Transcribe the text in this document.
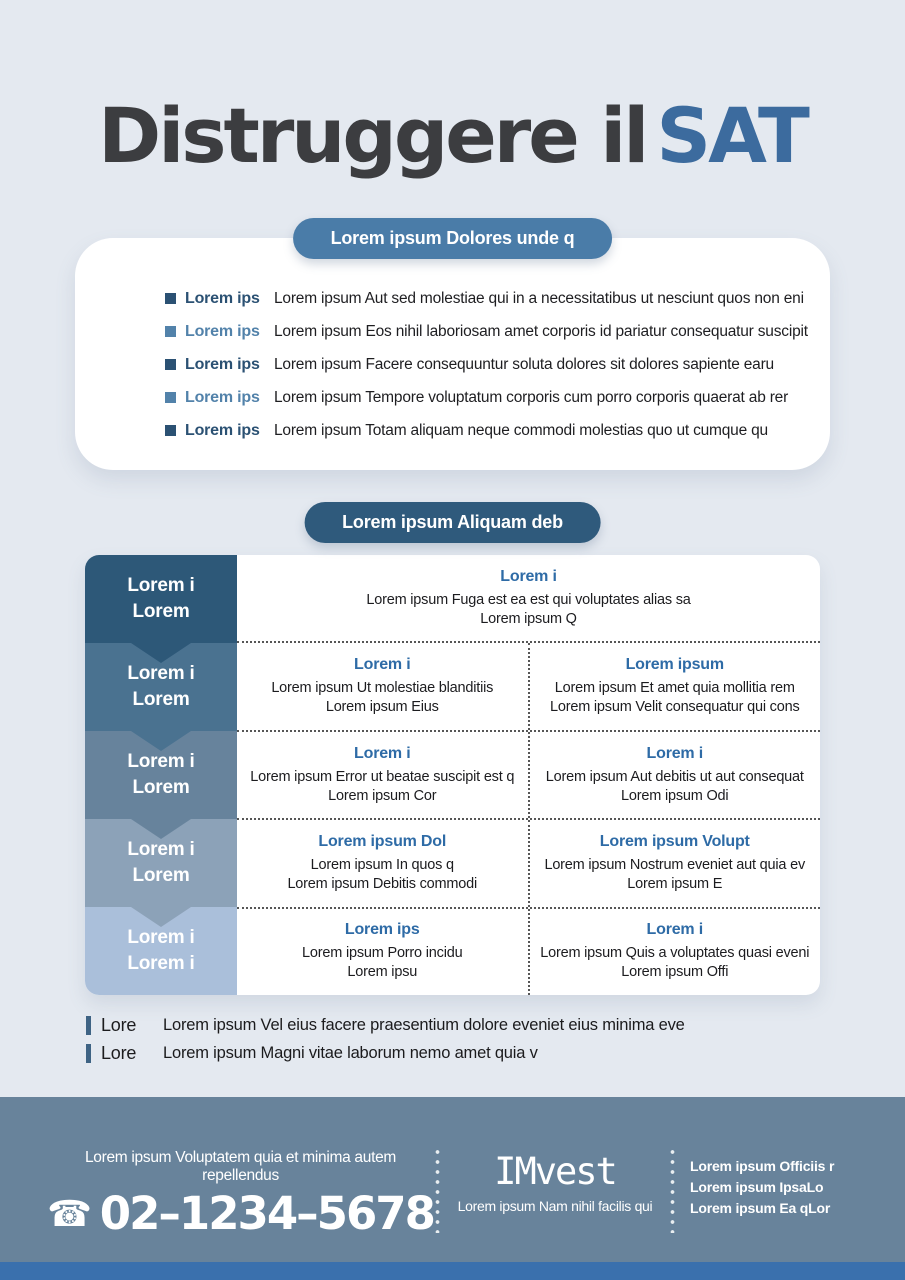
Distruggere il SAT
Lorem ipsum Dolores unde q
Lorem ips Lorem ipsum Aut sed molestiae qui in a necessitatibus ut nesciunt quos non eni
Lorem ips Lorem ipsum Eos nihil laboriosam amet corporis id pariatur consequatur suscipit
Lorem ips Lorem ipsum Facere consequuntur soluta dolores sit dolores sapiente earu
Lorem ips Lorem ipsum Tempore voluptatum corporis cum porro corporis quaerat ab rer
Lorem ips Lorem ipsum Totam aliquam neque commodi molestias quo ut cumque qu
Lorem ipsum Aliquam deb
Lorem i
Lorem
Lorem i
Lorem
Lorem i
Lorem
Lorem i
Lorem
Lorem i
Lorem i
Lorem i
Lorem ipsum Fuga est ea est qui voluptates alias sa
Lorem ipsum Q
Lorem i
Lorem ipsum Ut molestiae blanditiis
Lorem ipsum Eius
Lorem ipsum
Lorem ipsum Et amet quia mollitia rem
Lorem ipsum Velit consequatur qui cons
Lorem i
Lorem ipsum Error ut beatae suscipit est q
Lorem ipsum Cor
Lorem i
Lorem ipsum Aut debitis ut aut consequat
Lorem ipsum Odi
Lorem ipsum Dol
Lorem ipsum In quos q
Lorem ipsum Debitis commodi
Lorem ipsum Volupt
Lorem ipsum Nostrum eveniet aut quia ev
Lorem ipsum E
Lorem ips
Lorem ipsum Porro incidu
Lorem ipsu
Lorem i
Lorem ipsum Quis a voluptates quasi eveni
Lorem ipsum Offi
Lore	Lorem ipsum Vel eius facere praesentium dolore eveniet eius minima eve
Lore	Lorem ipsum Magni vitae laborum nemo amet quia v
Lorem ipsum Voluptatem quia et minima autem repellendus
☎ 02–1234–5678
IMvest
Lorem ipsum Nam nihil facilis qui
Lorem ipsum Officiis r
Lorem ipsum IpsaLo
Lorem ipsum Ea qLor
